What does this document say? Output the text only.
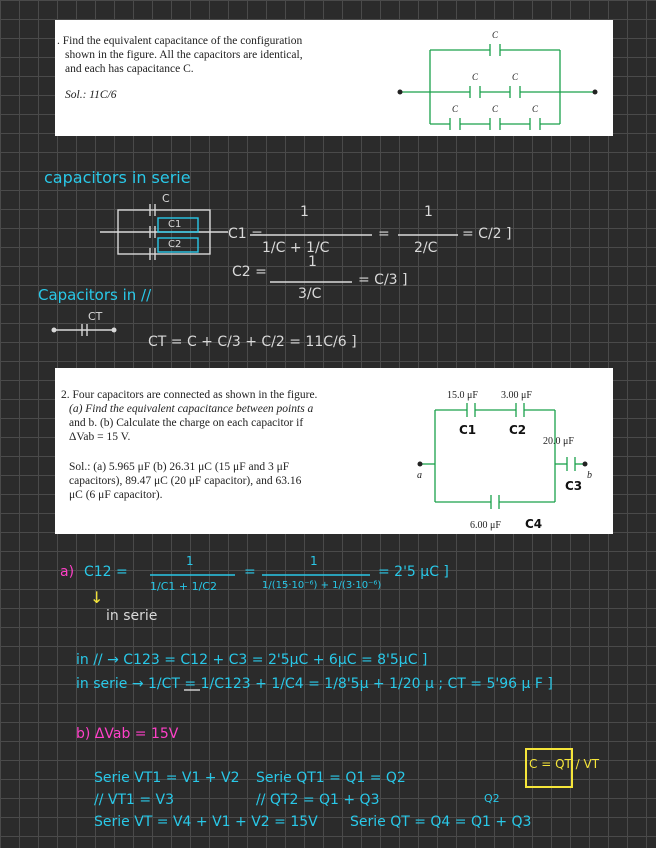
. Find the equivalent capacitance of the configuration
shown in the figure. All the capacitors are identical,
and each has capacitance C.
Sol.: 11C/6
C
C	C
C	C	C
capacitors in serie
C
C1
C2
C1 =
1
1/C + 1/C
=
1
2/C
= C/2 ]
C2 =
1
3/C
= C/3 ]
Capacitors in //
CT
CT = C + C/3 + C/2 = 11C/6 ]
2. Four capacitors are connected as shown in the figure.
(a) Find the equivalent capacitance between points a
and b. (b) Calculate the charge on each capacitor if
ΔVab = 15 V.
Sol.: (a) 5.965 μF (b) 26.31 μC (15 μF and 3 μF
capacitors), 89.47 μC (20 μF capacitor), and 63.16
μC (6 μF capacitor).
15.0 μF 3.00 μF
20.0 μF
6.00 μF
a	b
C1	C2
C3
C4
a) C12 =
1
1/C1 + 1/C2
=
1
1/(15·10⁻⁶) + 1/(3·10⁻⁶)
= 2'5 μC ]
↓
in serie
in // → C123 = C12 + C3 = 2'5μC + 6μC = 8'5μC ]
in serie → 1/CT = 1/C123 + 1/C4 = 1/8'5μ + 1/20 μ ; CT = 5'96 μ F ]
b) ΔVab = 15V
Serie VT1 = V1 + V2
// VT1 = V3
Serie VT = V4 + V1 + V2 = 15V
Serie QT1 = Q1 = Q2
// QT2 = Q1 + Q3
Serie QT = Q4 = Q1 + Q3
Q2
C = QT / VT
